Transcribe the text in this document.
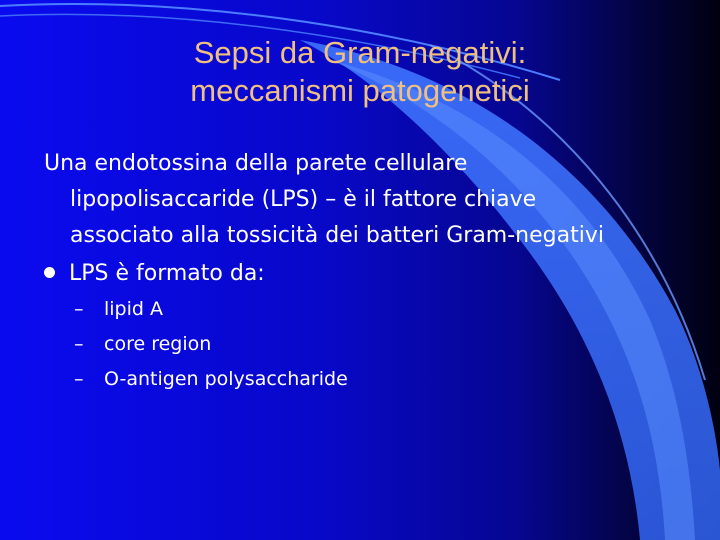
Sepsi da Gram-negativi:
meccanismi patogenetici
Una endotossina della parete cellulare
lipopolisaccaride (LPS) – è il fattore chiave
associato alla tossicità dei batteri Gram-negativi
LPS è formato da:
– lipid A
– core region
– O-antigen polysaccharide
